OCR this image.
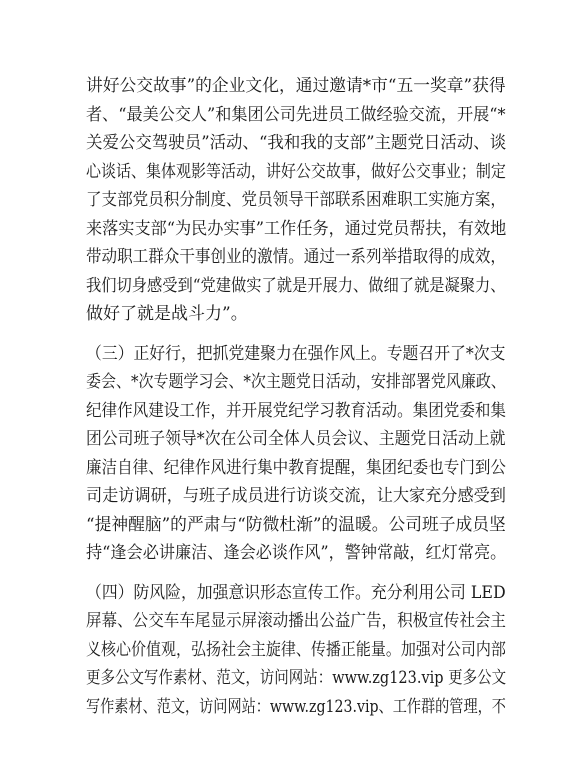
讲好公交故事”的企业文化，通过邀请*市“五一奖章”获得
者、“最美公交人”和集团公司先进员工做经验交流，开展“*
关爱公交驾驶员”活动、“我和我的支部”主题党日活动、谈
心谈话、集体观影等活动，讲好公交故事，做好公交事业；制定
了支部党员积分制度、党员领导干部联系困难职工实施方案，
来落实支部“为民办实事”工作任务，通过党员帮扶，有效地
带动职工群众干事创业的激情。通过一系列举措取得的成效，
我们切身感受到“党建做实了就是开展力、做细了就是凝聚力、
做好了就是战斗力”。
（三）正好行，把抓党建聚力在强作风上。专题召开了*次支
委会、*次专题学习会、*次主题党日活动，安排部署党风廉政、
纪律作风建设工作，并开展党纪学习教育活动。集团党委和集
团公司班子领导*次在公司全体人员会议、主题党日活动上就
廉洁自律、纪律作风进行集中教育提醒，集团纪委也专门到公
司走访调研，与班子成员进行访谈交流，让大家充分感受到
“提神醒脑”的严肃与“防微杜渐”的温暖。公司班子成员坚
持“逢会必讲廉洁、逢会必谈作风”，警钟常敲，红灯常亮。
（四）防风险，加强意识形态宣传工作。充分利用公司 LED
屏幕、公交车车尾显示屏滚动播出公益广告，积极宣传社会主
义核心价值观，弘扬社会主旋律、传播正能量。加强对公司内部
更多公文写作素材、范文，访问网站：www.zg123.vip 更多公文
写作素材、范文，访问网站：www.zg123.vip、工作群的管理，不
